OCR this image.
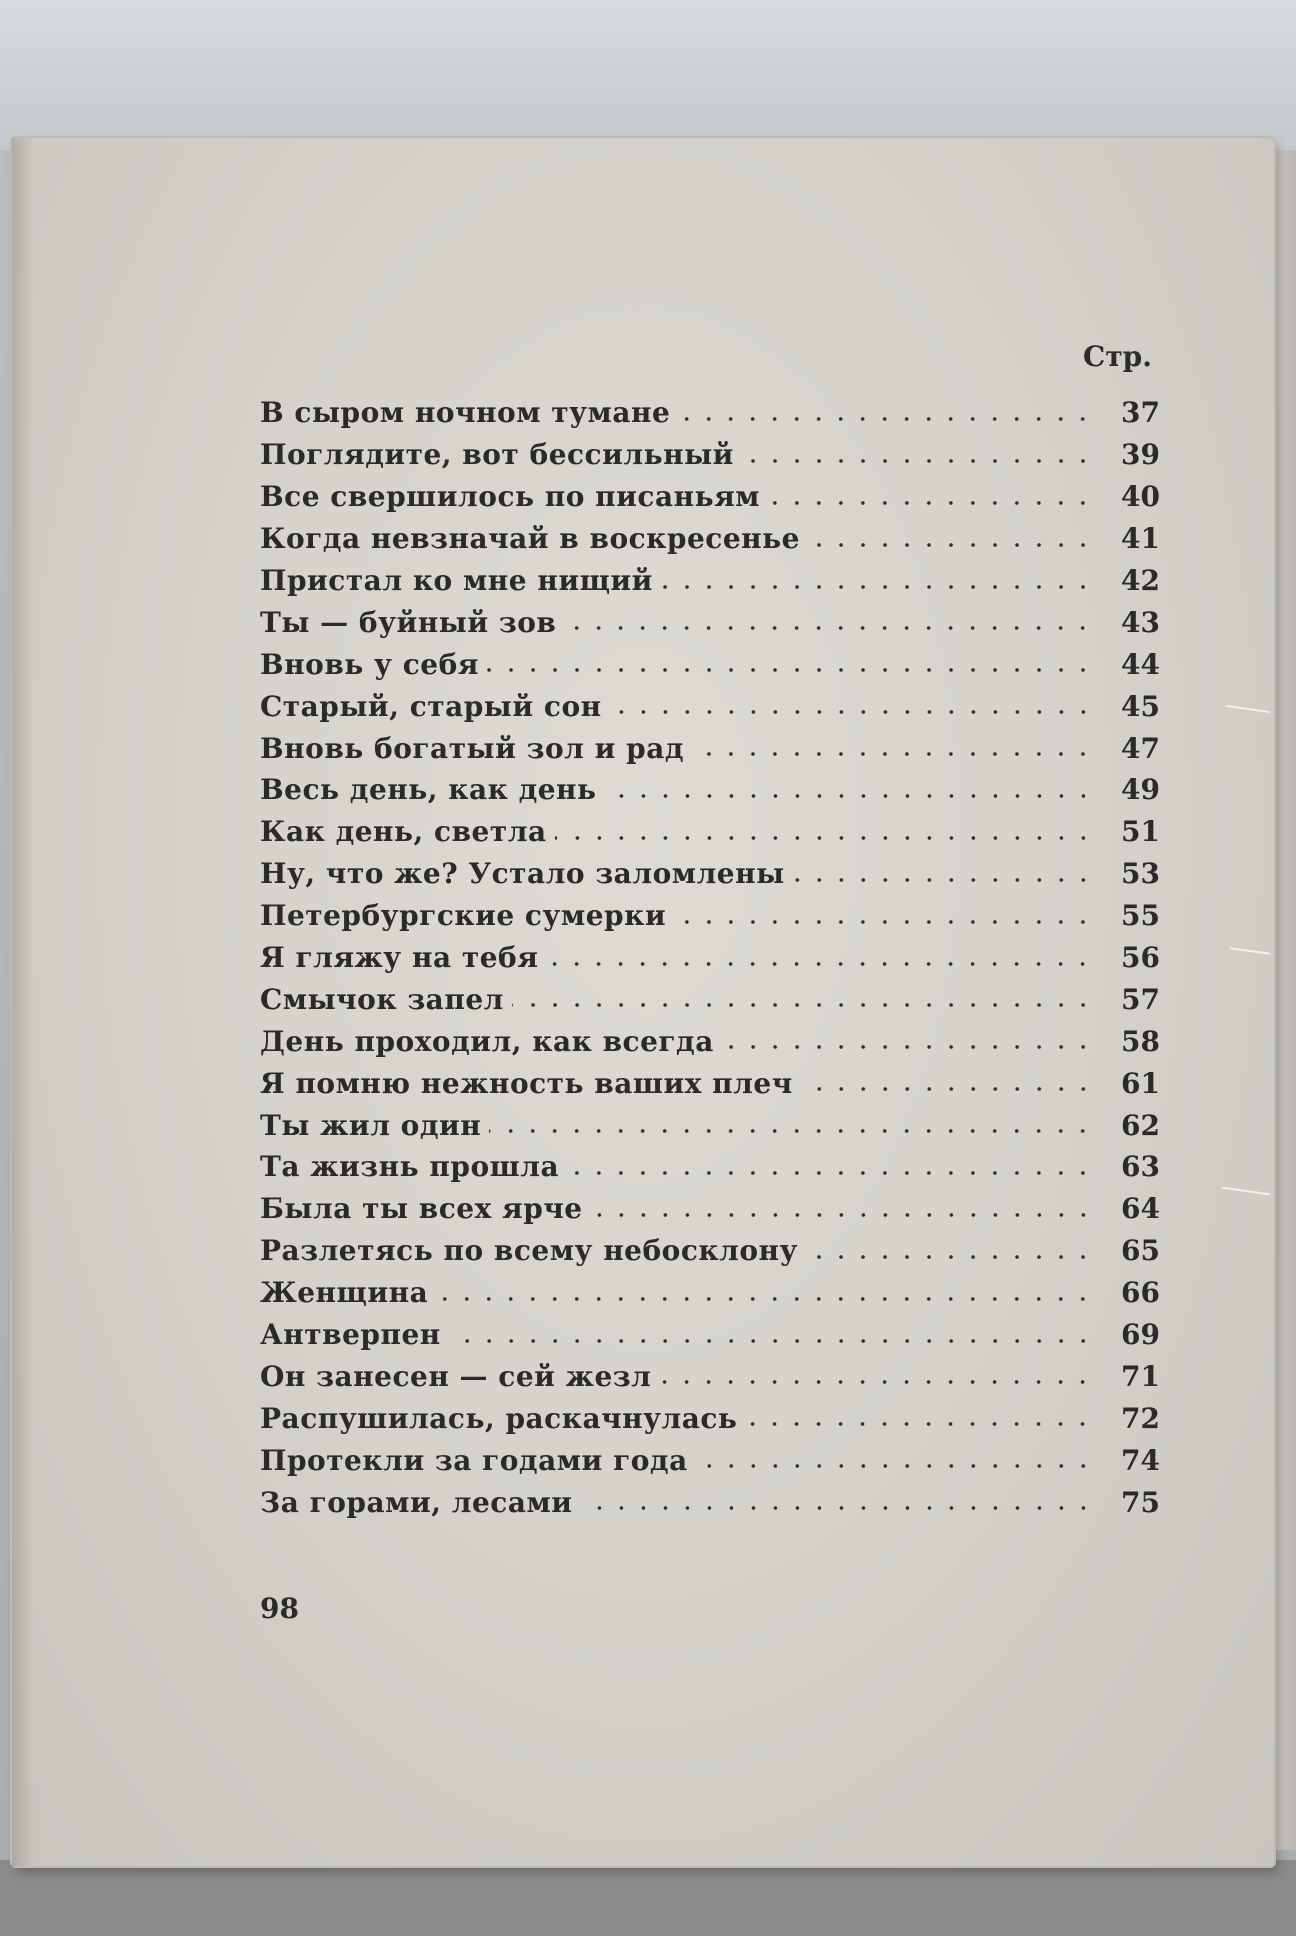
Стр.
В сыром ночном тумане	37
Поглядите, вот бессильный	39
Все свершилось по писаньям	40
Когда невзначай в воскресенье	41
Пристал ко мне нищий	42
Ты — буйный зов	43
Вновь у себя	44
Старый, старый сон	45
Вновь богатый зол и рад	47
Весь день, как день	49
Как день, светла	51
Ну, что же? Устало заломлены	53
Петербургские сумерки	55
Я гляжу на тебя	56
Смычок запел	57
День проходил, как всегда	58
Я помню нежность ваших плеч	61
Ты жил один	62
Та жизнь прошла	63
Была ты всех ярче	64
Разлетясь по всему небосклону	65
Женщина	66
Антверпен	69
Он занесен — сей жезл	71
Распушилась, раскачнулась	72
Протекли за годами года	74
За горами, лесами	75
98
